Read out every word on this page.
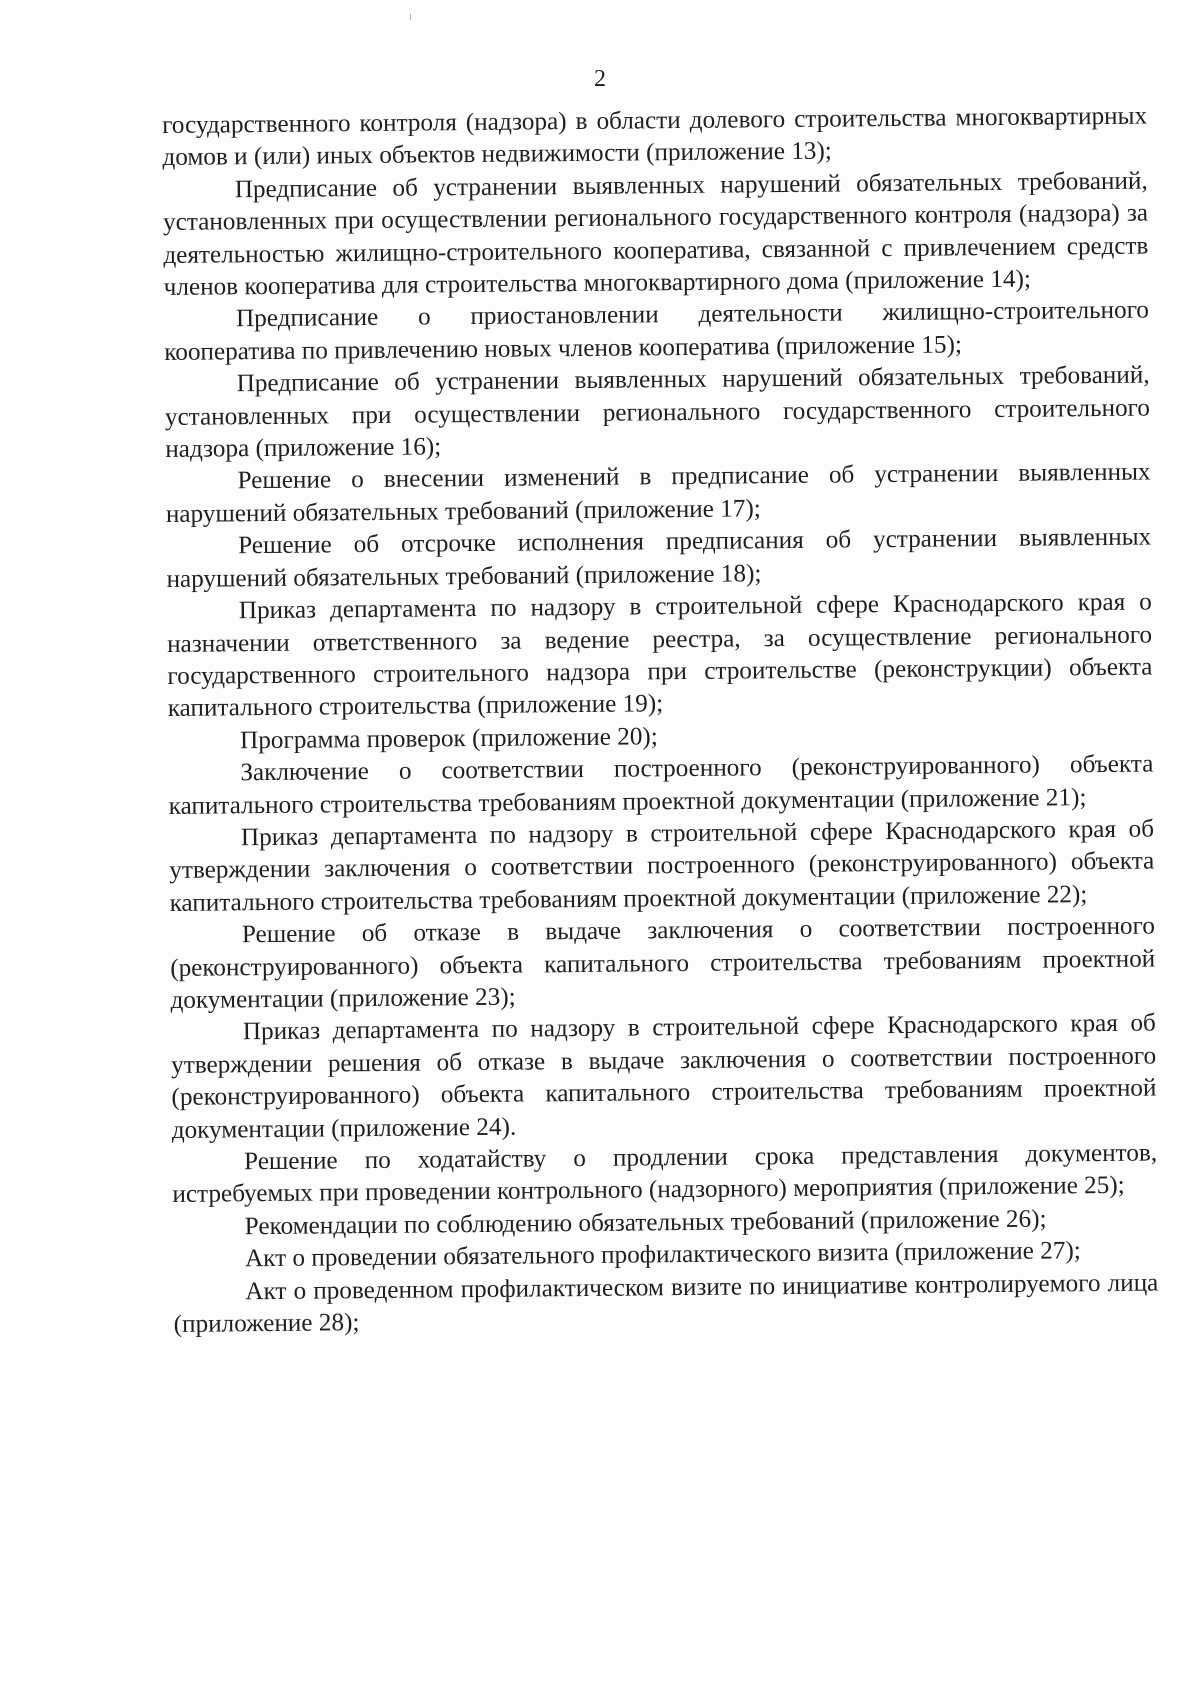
2

государственного контроля (надзора) в области долевого строительства многоквартирных домов и (или) иных объектов недвижимости (приложение 13);

Предписание об устранении выявленных нарушений обязательных требований, установленных при осуществлении регионального государственного контроля (надзора) за деятельностью жилищно-строительного кооператива, связанной с привлечением средств членов кооператива для строительства многоквартирного дома (приложение 14);

Предписание о приостановлении деятельности жилищно-строительного кооператива по привлечению новых членов кооператива (приложение 15);

Предписание об устранении выявленных нарушений обязательных требований, установленных при осуществлении регионального государственного строительного надзора (приложение 16);

Решение о внесении изменений в предписание об устранении выявленных нарушений обязательных требований (приложение 17);

Решение об отсрочке исполнения предписания об устранении выявленных нарушений обязательных требований (приложение 18);

Приказ департамента по надзору в строительной сфере Краснодарского края о назначении ответственного за ведение реестра, за осуществление регионального государственного строительного надзора при строительстве (реконструкции) объекта капитального строительства (приложение 19);

Программа проверок (приложение 20);

Заключение о соответствии построенного (реконструированного) объекта капитального строительства требованиям проектной документации (приложение 21);

Приказ департамента по надзору в строительной сфере Краснодарского края об утверждении заключения о соответствии построенного (реконструированного) объекта капитального строительства требованиям проектной документации (приложение 22);

Решение об отказе в выдаче заключения о соответствии построенного (реконструированного) объекта капитального строительства требованиям проектной документации (приложение 23);

Приказ департамента по надзору в строительной сфере Краснодарского края об утверждении решения об отказе в выдаче заключения о соответствии построенного (реконструированного) объекта капитального строительства требованиям проектной документации (приложение 24).

Решение по ходатайству о продлении срока представления документов, истребуемых при проведении контрольного (надзорного) мероприятия (приложение 25);

Рекомендации по соблюдению обязательных требований (приложение 26);

Акт о проведении обязательного профилактического визита (приложение 27);

Акт о проведенном профилактическом визите по инициативе контролируемого лица (приложение 28);
